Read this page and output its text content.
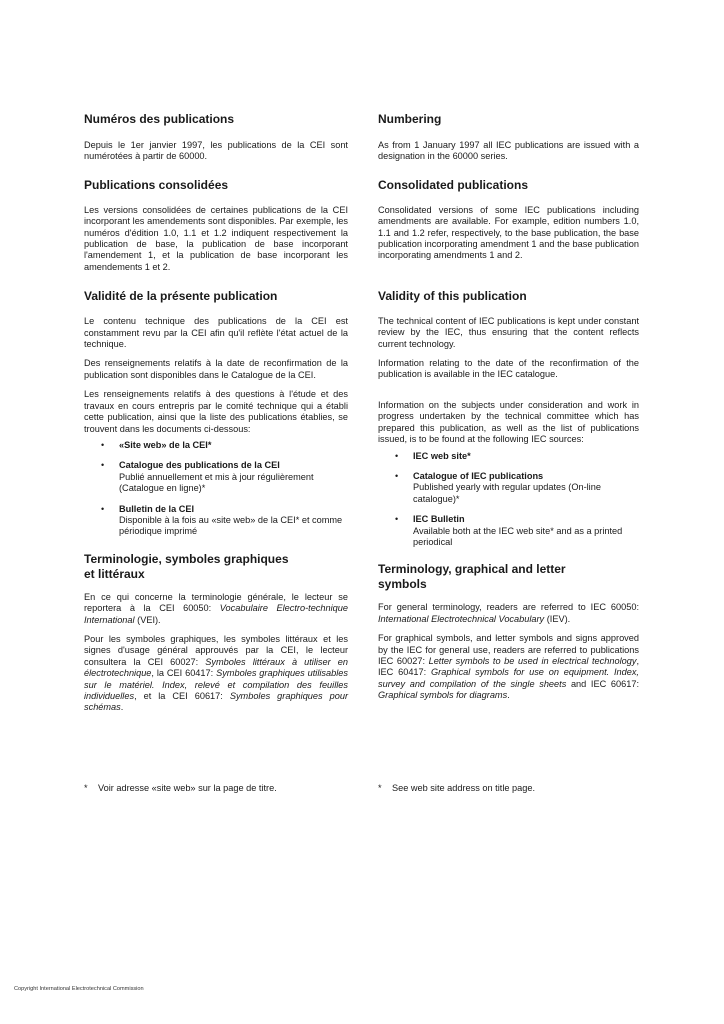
Numéros des publications

Depuis le 1er janvier 1997, les publications de la CEI sont numérotées à partir de 60000.

Publications consolidées

Les versions consolidées de certaines publications de la CEI incorporant les amendements sont disponibles. Par exemple, les numéros d'édition 1.0, 1.1 et 1.2 indiquent respectivement la publication de base, la publication de base incorporant l'amendement 1, et la publication de base incorporant les amendements 1 et 2.

Validité de la présente publication

Le contenu technique des publications de la CEI est constamment revu par la CEI afin qu'il reflète l'état actuel de la technique.

Des renseignements relatifs à la date de reconfirmation de la publication sont disponibles dans le Catalogue de la CEI.

Les renseignements relatifs à des questions à l'étude et des travaux en cours entrepris par le comité technique qui a établi cette publication, ainsi que la liste des publications établies, se trouvent dans les documents ci-dessous:

• «Site web» de la CEI*
• Catalogue des publications de la CEI
Publié annuellement et mis à jour régulièrement (Catalogue en ligne)*
• Bulletin de la CEI
Disponible à la fois au «site web» de la CEI* et comme périodique imprimé

Terminologie, symboles graphiques
et littéraux

En ce qui concerne la terminologie générale, le lecteur se reportera à la CEI 60050: Vocabulaire Electro-technique International (VEI).

Pour les symboles graphiques, les symboles littéraux et les signes d'usage général approuvés par la CEI, le lecteur consultera la CEI 60027: Symboles littéraux à utiliser en électrotechnique, la CEI 60417: Symboles graphiques utilisables sur le matériel. Index, relevé et compilation des feuilles individuelles, et la CEI 60617: Symboles graphiques pour schémas.

Numbering

As from 1 January 1997 all IEC publications are issued with a designation in the 60000 series.

Consolidated publications

Consolidated versions of some IEC publications including amendments are available. For example, edition numbers 1.0, 1.1 and 1.2 refer, respectively, to the base publication, the base publication incorporating amendment 1 and the base publication incorporating amendments 1 and 2.

Validity of this publication

The technical content of IEC publications is kept under constant review by the IEC, thus ensuring that the content reflects current technology.

Information relating to the date of the reconfirmation of the publication is available in the IEC catalogue.

Information on the subjects under consideration and work in progress undertaken by the technical committee which has prepared this publication, as well as the list of publications issued, is to be found at the following IEC sources:

• IEC web site*
• Catalogue of IEC publications
Published yearly with regular updates (On-line catalogue)*
• IEC Bulletin
Available both at the IEC web site* and as a printed periodical

Terminology, graphical and letter
symbols

For general terminology, readers are referred to IEC 60050: International Electrotechnical Vocabulary (IEV).

For graphical symbols, and letter symbols and signs approved by the IEC for general use, readers are referred to publications IEC 60027: Letter symbols to be used in electrical technology, IEC 60417: Graphical symbols for use on equipment. Index, survey and compilation of the single sheets and IEC 60617: Graphical symbols for diagrams.

* Voir adresse «site web» sur la page de titre.	* See web site address on title page.
Copyright International Electrotechnical Commission
